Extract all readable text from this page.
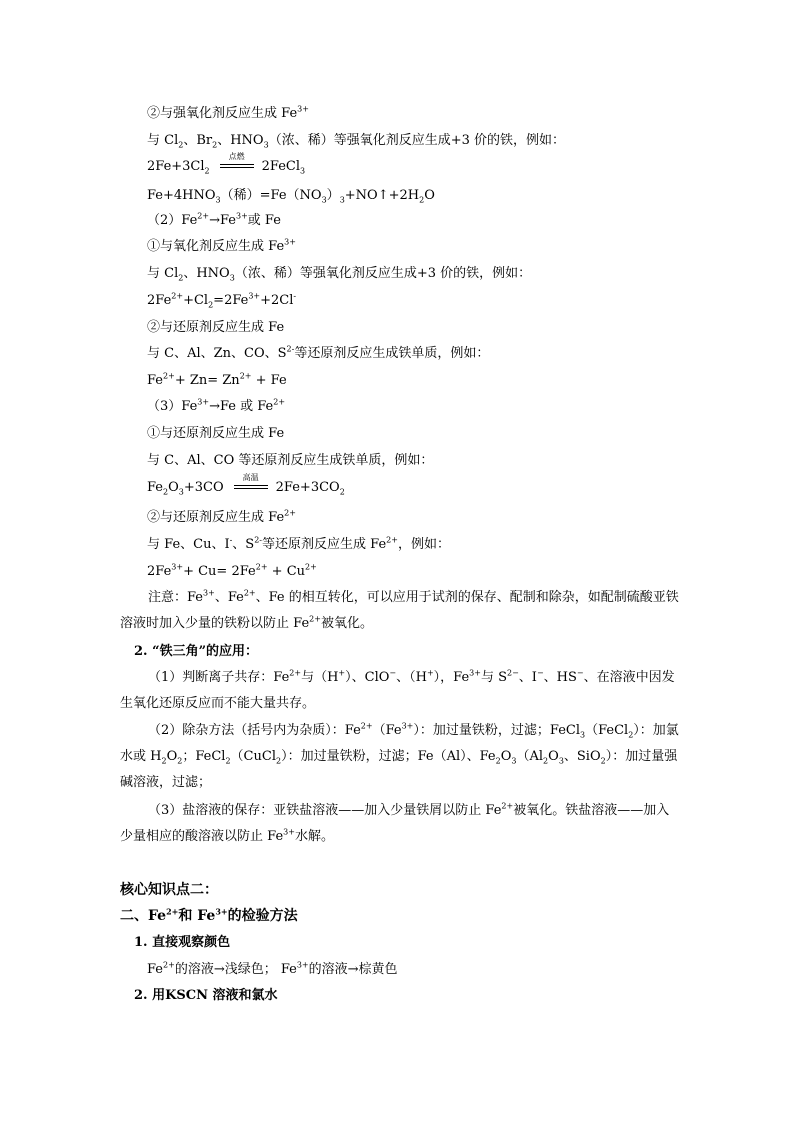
②与强氧化剂反应生成 $Fe^{3+}$
与 $Cl_2$、$Br_2$、$HNO_3$（浓、稀）等强氧化剂反应生成+3 价的铁，例如：
$2Fe+3Cl_2$
点燃
2FeCl$_3$
$Fe+4HNO_3$（稀）$=Fe(NO_3)_3+NO↑+2H_2O$
$(2)Fe^{2+}\to Fe^{3+}$或 Fe
①与氧化剂反应生成 $Fe^{3+}$
与 $Cl_2$、$HNO_3$（浓、稀）等强氧化剂反应生成+3 价的铁，例如：
$2Fe^{2+}+Cl_2=2Fe^{3+}+2Cl^-$
②与还原剂反应生成 Fe
与 C、Al、Zn、CO、$S^{2-}$等还原剂反应生成铁单质，例如：
$Fe^{2+}+ Zn= Zn^{2+} + Fe$
$(3)Fe^{3+}\to Fe$ 或 $Fe^{2+}$
①与还原剂反应生成 Fe
与 C、Al、CO 等还原剂反应生成铁单质，例如：
$Fe_2O_3+3CO$
高温
$2Fe+3CO_2$
②与还原剂反应生成 $Fe^{2+}$
与 Fe、Cu、I-、$S^{2-}$等还原剂反应生成 $Fe^{2+}$，例如：
$2Fe^{3+}+ Cu= 2Fe^{2+} + Cu^{2+}$
注意：$Fe^{3+}$、$Fe^{2+}$、Fe 的相互转化，可以应用于试剂的保存、配制和除杂，如配制硫酸亚铁溶液时加入少量的铁粉以防止 $Fe^{2+}$被氧化。
2. “铁三角”的应用：
（1）判断离子共存：$Fe^{2+}$与（H+）、ClO−、（H+），$Fe^{3+}$与 $S^{2-}$、I−、HS−、在溶液中因发生氧化还原反应而不能大量共存。
（2）除杂方法（括号内为杂质）：$Fe^{2+}(Fe^{3+})$：加过量铁粉，过滤；FeCl$_3$（FeCl$_2$）：加氯水或 $H_2O_2$；FeCl$_2$（CuCl$_2$）：加过量铁粉，过滤；Fe（Al）、$Fe_2O_3(Al_2O_3$、SiO$_2$）：加过量强碱溶液，过滤；
（3）盐溶液的保存：亚铁盐溶液——加入少量铁屑以防止 $Fe^{2+}$被氧化。铁盐溶液——加入少量相应的酸溶液以防止 $Fe^{3+}$水解。
核心知识点二：
二、$Fe^{2+}$和 $Fe^{3+}$的检验方法
1. 直接观察颜色
$Fe^{2+}$的溶液→浅绿色； $Fe^{3+}$的溶液→棕黄色
2. 用KSCN 溶液和氯水
